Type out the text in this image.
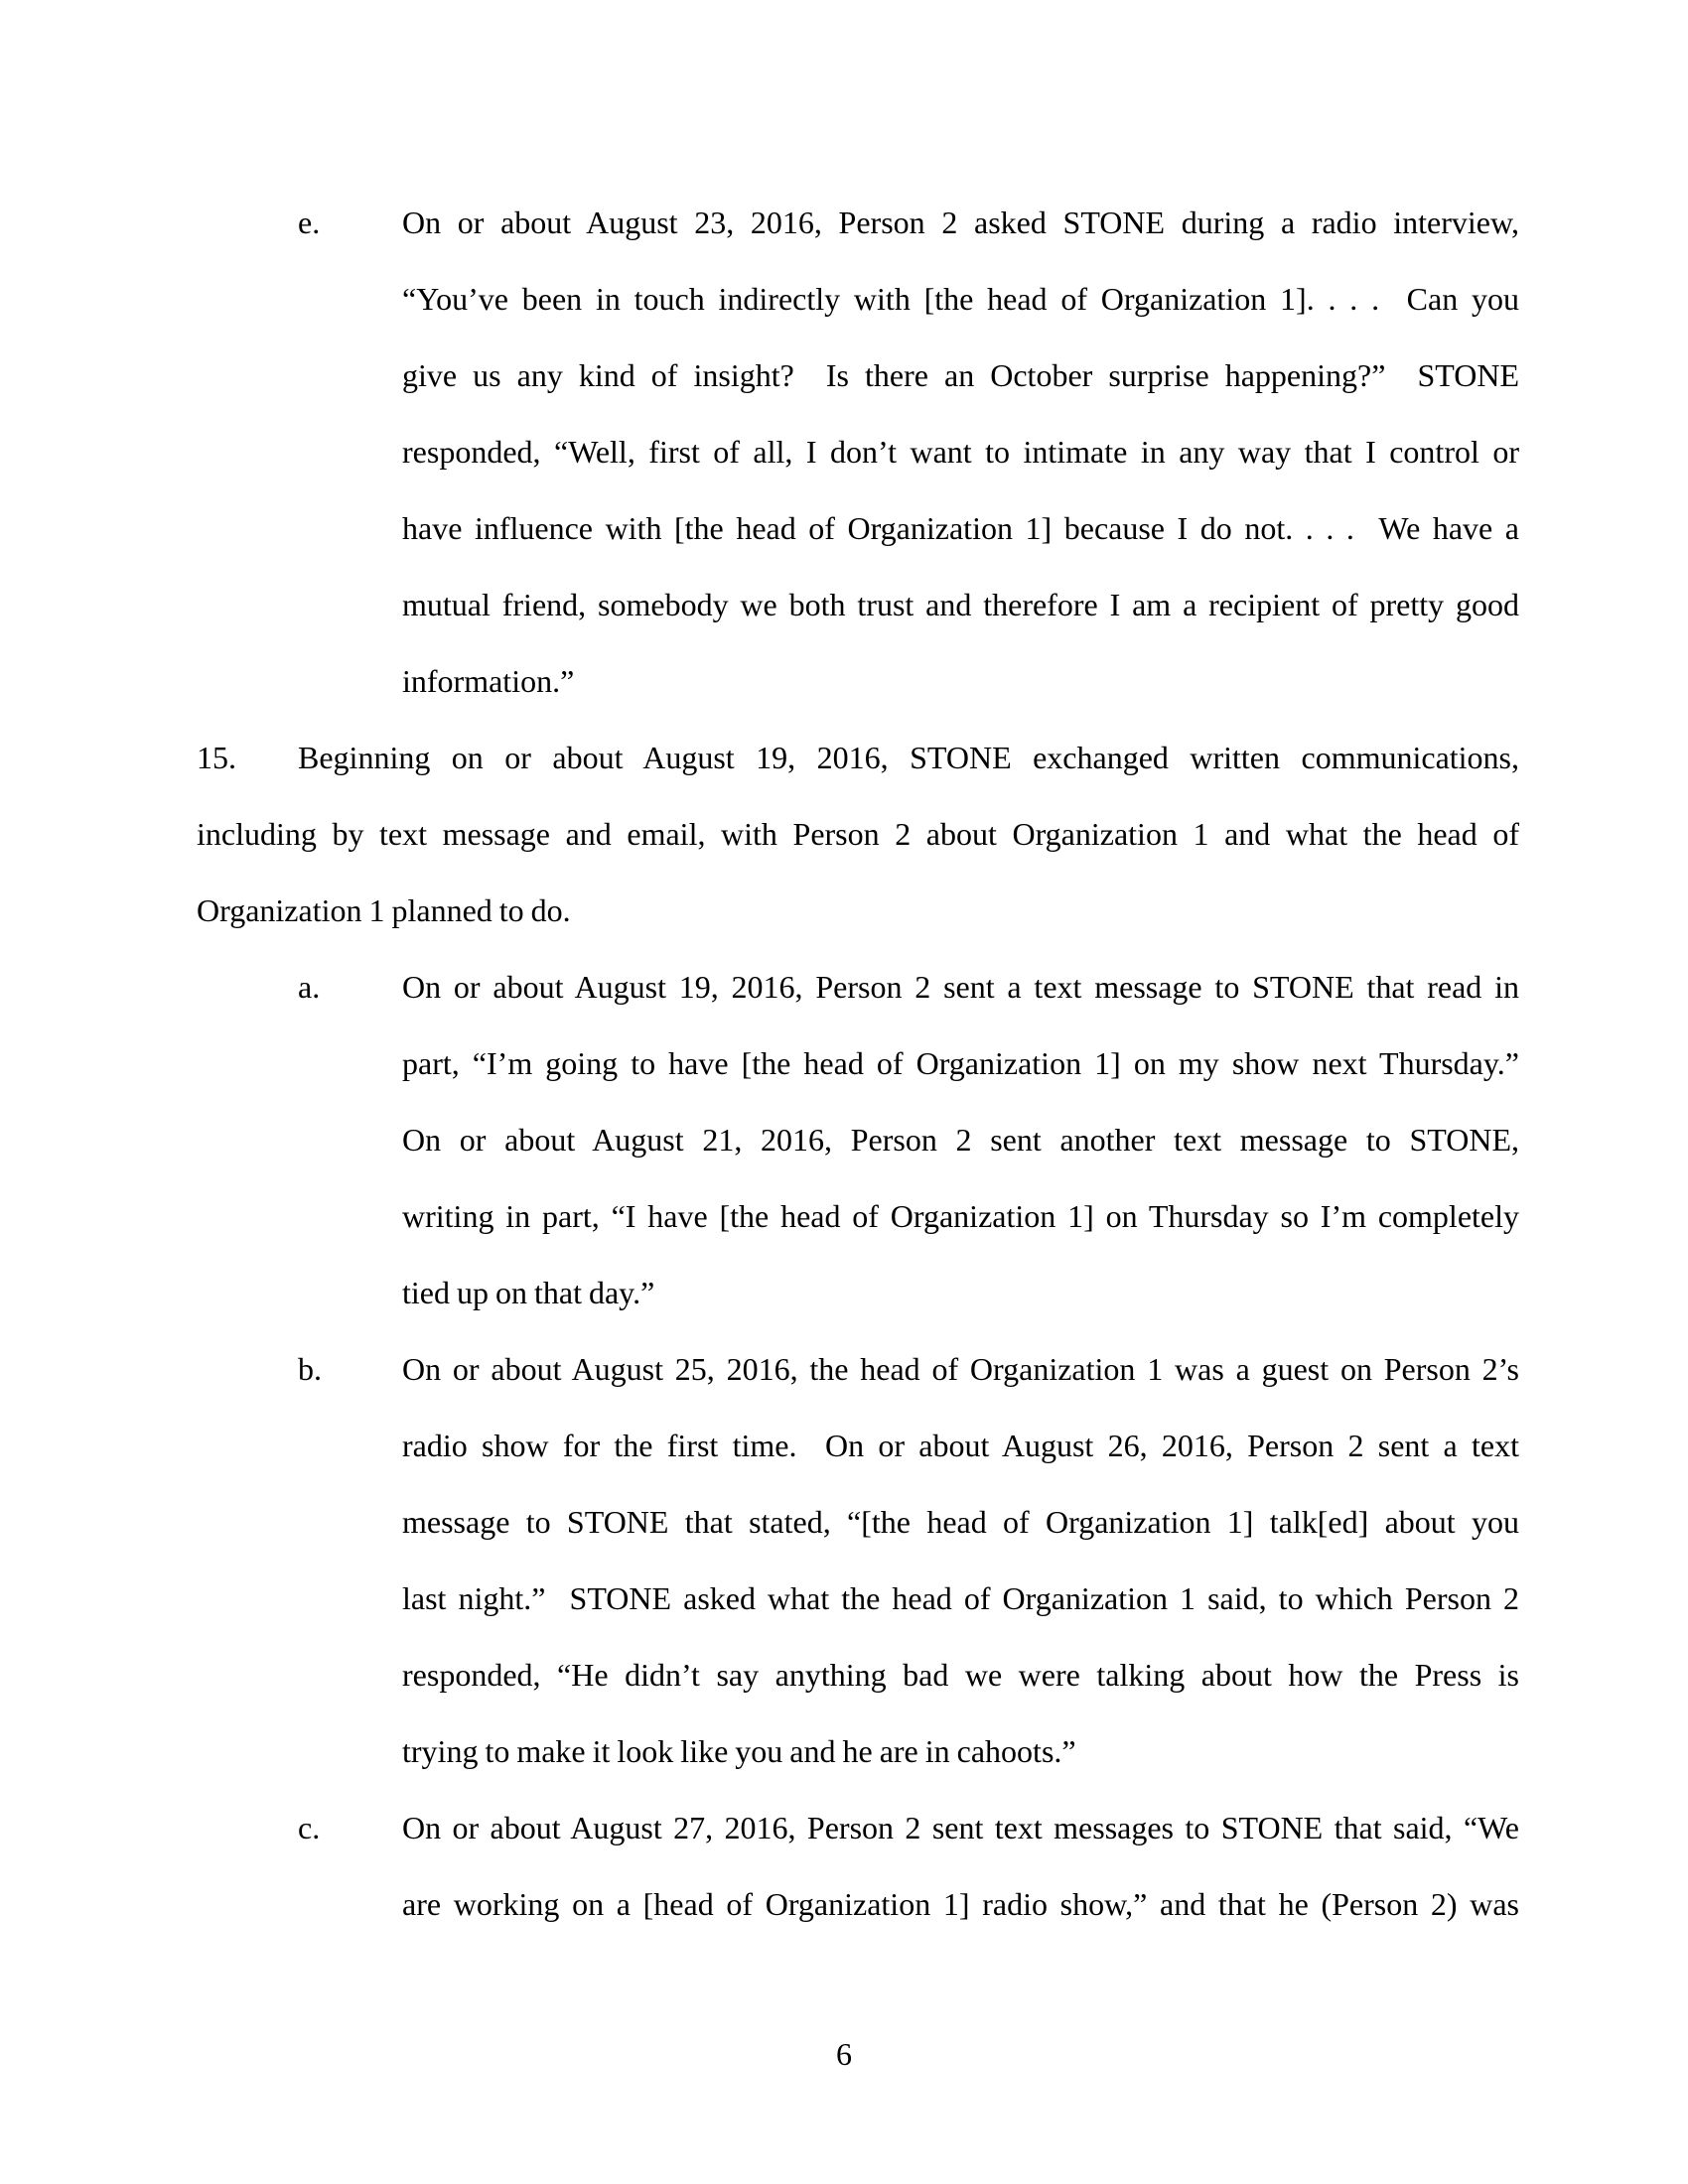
e.	On or about August 23, 2016, Person 2 asked STONE during a radio interview,
“You’ve been in touch indirectly with [the head of Organization 1]. . . .  Can you
give us any kind of insight?  Is there an October surprise happening?”  STONE
responded, “Well, first of all, I don’t want to intimate in any way that I control or
have influence with [the head of Organization 1] because I do not. . . .  We have a
mutual friend, somebody we both trust and therefore I am a recipient of pretty good
information.”
15. Beginning on or about August 19, 2016, STONE exchanged written communications,
including by text message and email, with Person 2 about Organization 1 and what the head of
Organization 1 planned to do.
a.	On or about August 19, 2016, Person 2 sent a text message to STONE that read in
part, “I’m going to have [the head of Organization 1] on my show next Thursday.”
On or about August 21, 2016, Person 2 sent another text message to STONE,
writing in part, “I have [the head of Organization 1] on Thursday so I’m completely
tied up on that day.”
b.	On or about August 25, 2016, the head of Organization 1 was a guest on Person 2’s
radio show for the first time.  On or about August 26, 2016, Person 2 sent a text
message to STONE that stated, “[the head of Organization 1] talk[ed] about you
last night.”  STONE asked what the head of Organization 1 said, to which Person 2
responded, “He didn’t say anything bad we were talking about how the Press is
trying to make it look like you and he are in cahoots.”
c.	On or about August 27, 2016, Person 2 sent text messages to STONE that said, “We
are working on a [head of Organization 1] radio show,” and that he (Person 2) was
6
